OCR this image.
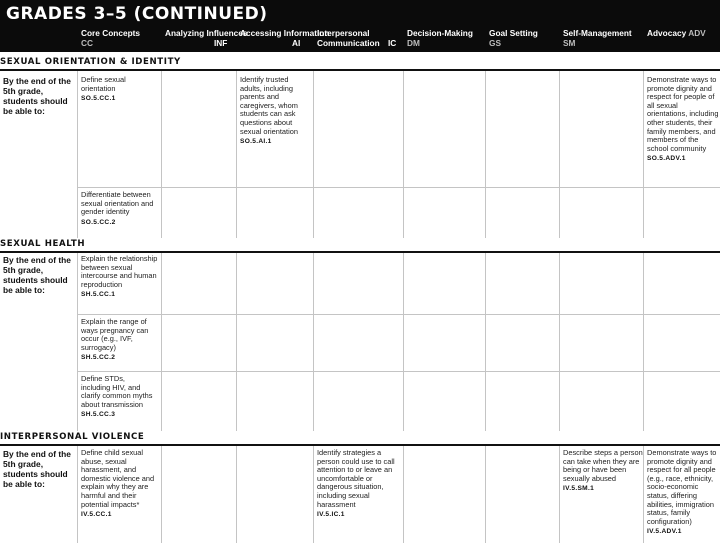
GRADES 3–5 (CONTINUED)
Core Concepts
CC
Analyzing Influences
INF
Accessing Information
AI
Interpersonal Communication IC
Decision-Making
DM
Goal Setting
GS
Self-Management
SM
Advocacy ADV
SEXUAL ORIENTATION & IDENTITY
By the end of the 5th grade, students should be able to:
Define sexual orientation
SO.5.CC.1
Identify trusted adults, including parents and caregivers, whom students can ask questions about sexual orientation
SO.5.AI.1
Demonstrate ways to promote dignity and respect for people of all sexual orientations, including other students, their family members, and members of the school community
SO.5.ADV.1
Differentiate between sexual orientation and gender identity
SO.5.CC.2
SEXUAL HEALTH
By the end of the 5th grade, students should be able to:
Explain the relationship between sexual intercourse and human reproduction
SH.5.CC.1
Explain the range of ways pregnancy can occur (e.g., IVF, surrogacy)
SH.5.CC.2
Define STDs, including HIV, and clarify common myths about transmission
SH.5.CC.3
INTERPERSONAL VIOLENCE
By the end of the 5th grade, students should be able to:
Define child sexual abuse, sexual harassment, and domestic violence and explain why they are harmful and their potential impacts*
IV.5.CC.1
Identify strategies a person could use to call attention to or leave an uncomfortable or dangerous situation, including sexual harassment
IV.5.IC.1
Describe steps a person can take when they are being or have been sexually abused
IV.5.SM.1
Demonstrate ways to promote dignity and respect for all people (e.g., race, ethnicity, socio-economic status, differing abilities, immigration status, family configuration)
IV.5.ADV.1
